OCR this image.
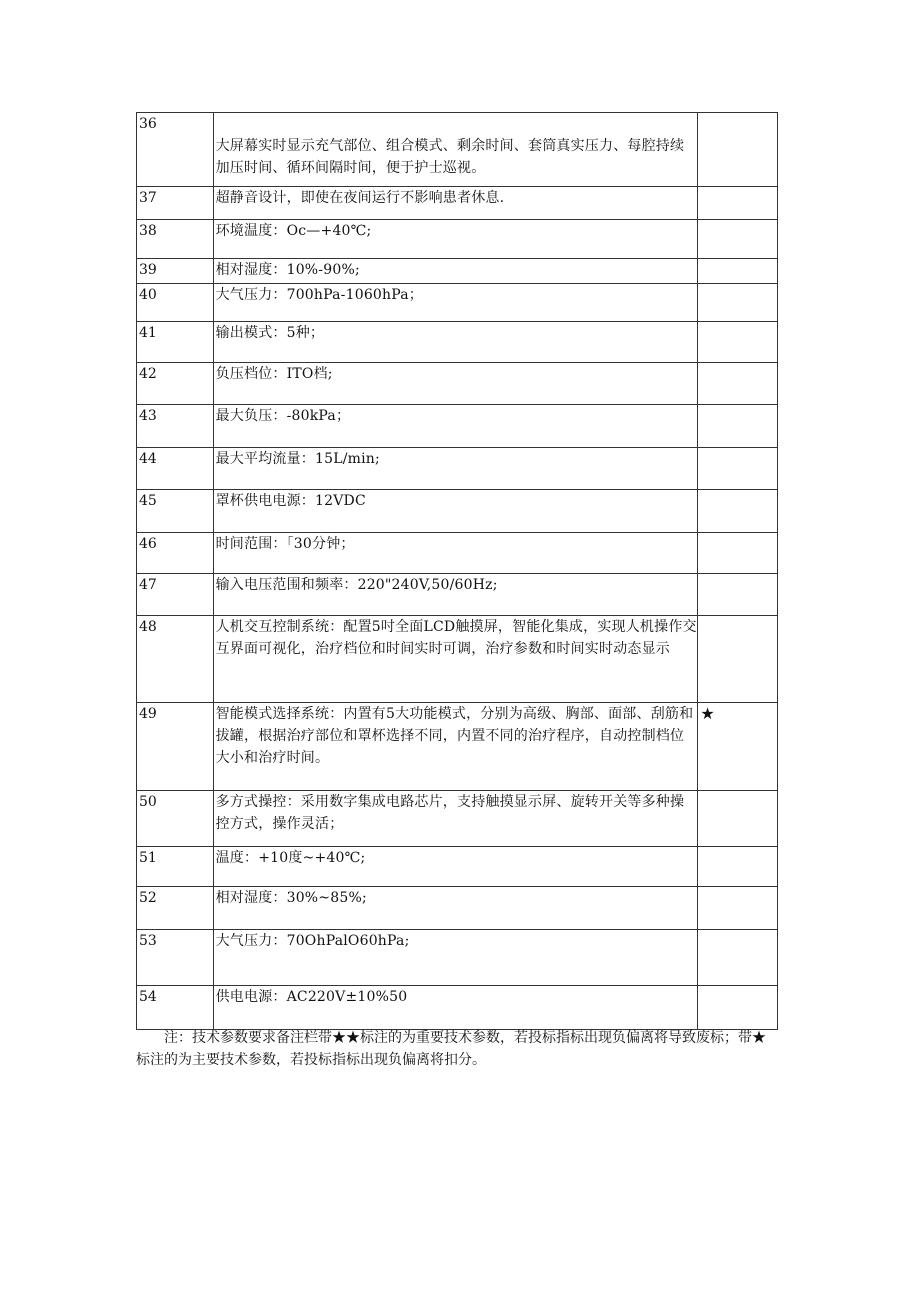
36	大屏幕实时显示充气部位、组合模式、剩余时间、套筒真实压力、每腔持续加压时间、循环间隔时间，便于护士巡视。	
37	超静音设计，即使在夜间运行不影响患者休息.	
38	环境温度：Oc—+40℃;	
39	相对湿度：10%-90%;	
40	大气压力：700hPa-1060hPa；	
41	输出模式：5种；	
42	负压档位：ITO档;	
43	最大负压：-80kPa；	
44	最大平均流量：15L/min;	
45	罩杯供电电源：12VDC	
46	时间范围：「30分钟；	
47	输入电压范围和频率：220"240V,50/60Hz;	
48	人机交互控制系统：配置5吋全面LCD触摸屏，智能化集成，实现人机操作交互界面可视化，治疗档位和时间实时可调，治疗参数和时间实时动态显示	
49	智能模式选择系统：内置有5大功能模式，分别为高级、胸部、面部、刮筋和拔罐，根据治疗部位和罩杯选择不同，内置不同的治疗程序，自动控制档位大小和治疗时间。	★
50	多方式操控：采用数字集成电路芯片，支持触摸显示屏、旋转开关等多种操控方式，操作灵活；	
51	温度：+10度~+40℃;	
52	相对湿度：30%~85%;	
53	大气压力：70OhPalO60hPa;	
54	供电电源：AC220V±10%50	

注：技术参数要求备注栏带★★标注的为重要技术参数，若投标指标出现负偏离将导致废标；带★标注的为主要技术参数，若投标指标出现负偏离将扣分。
